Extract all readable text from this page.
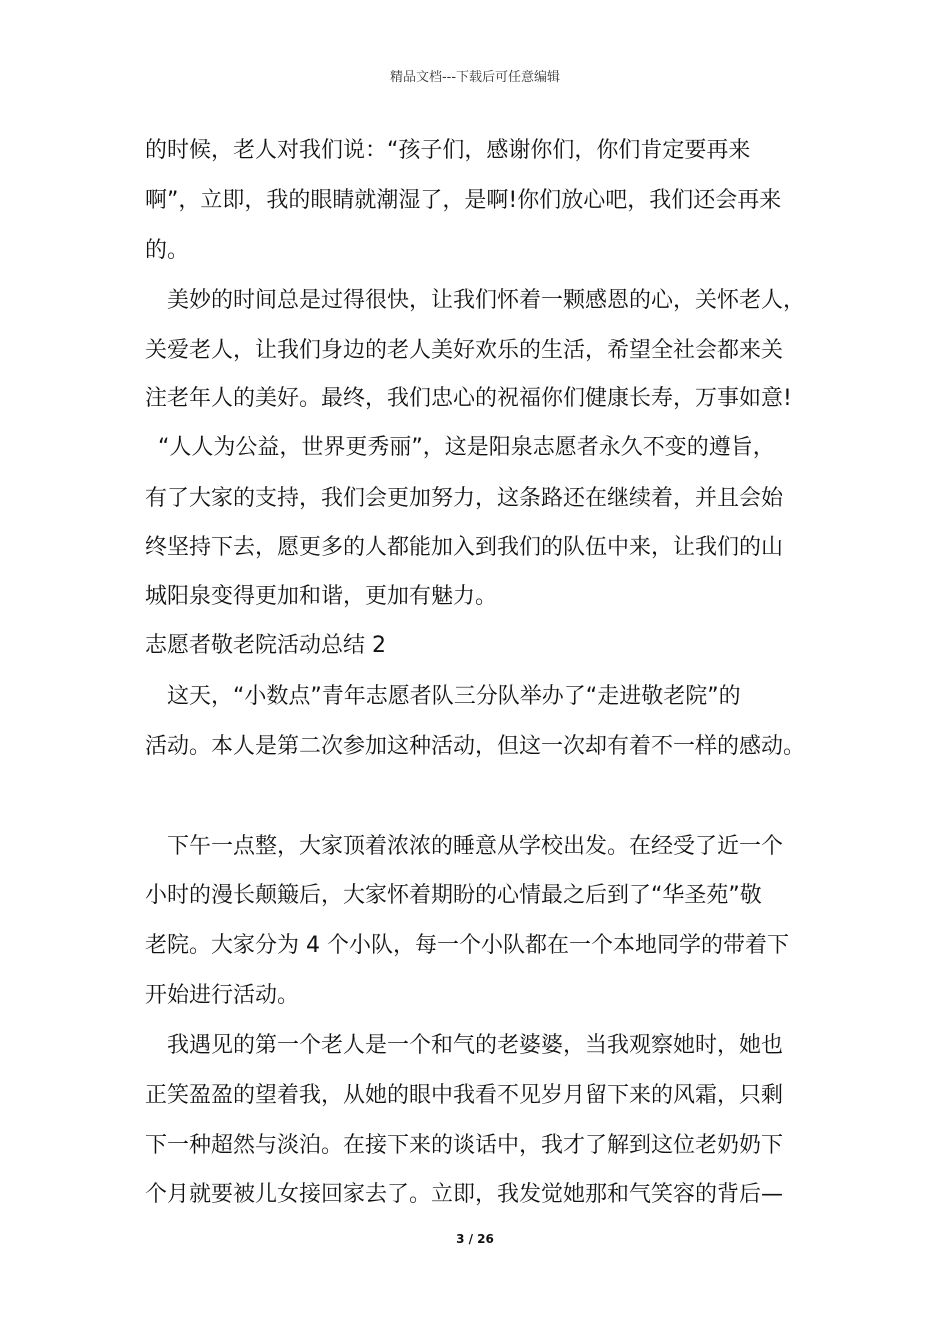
精品文档---下载后可任意编辑
的时候，老人对我们说：“孩子们，感谢你们，你们肯定要再来
啊”，立即，我的眼睛就潮湿了，是啊!你们放心吧，我们还会再来
的。
美妙的时间总是过得很快，让我们怀着一颗感恩的心，关怀老人，
关爱老人，让我们身边的老人美好欢乐的生活，希望全社会都来关
注老年人的美好。最终，我们忠心的祝福你们健康长寿，万事如意!
“人人为公益，世界更秀丽”，这是阳泉志愿者永久不变的遵旨，
有了大家的支持，我们会更加努力，这条路还在继续着，并且会始
终坚持下去，愿更多的人都能加入到我们的队伍中来，让我们的山
城阳泉变得更加和谐，更加有魅力。
志愿者敬老院活动总结 2
这天，“小数点”青年志愿者队三分队举办了“走进敬老院”的
活动。本人是第二次参加这种活动，但这一次却有着不一样的感动。
下午一点整，大家顶着浓浓的睡意从学校出发。在经受了近一个
小时的漫长颠簸后，大家怀着期盼的心情最之后到了“华圣苑”敬
老院。大家分为 4 个小队，每一个小队都在一个本地同学的带着下
开始进行活动。
我遇见的第一个老人是一个和气的老婆婆，当我观察她时，她也
正笑盈盈的望着我，从她的眼中我看不见岁月留下来的风霜，只剩
下一种超然与淡泊。在接下来的谈话中，我才了解到这位老奶奶下
个月就要被儿女接回家去了。立即，我发觉她那和气笑容的背后—
3 / 26
